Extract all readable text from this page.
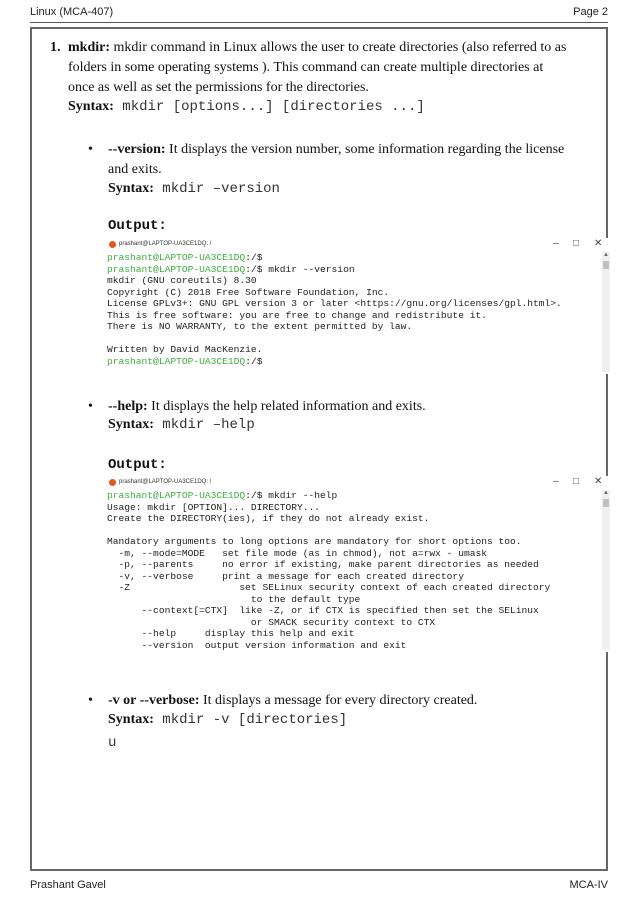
Linux (MCA-407)	Page 2
1. mkdir: mkdir command in Linux allows the user to create directories (also referred to as
folders in some operating systems ). This command can create multiple directories at
once as well as set the permissions for the directories.
Syntax: mkdir [options...] [directories ...]
• --version: It displays the version number, some information regarding the license
and exits.
Syntax: mkdir –version
Output:
prashant@LAPTOP-UA3CE1DQ: /	– □ ✕
prashant@LAPTOP-UA3CE1DQ:/$
prashant@LAPTOP-UA3CE1DQ:/$ mkdir --version
mkdir (GNU coreutils) 8.30
Copyright (C) 2018 Free Software Foundation, Inc.
License GPLv3+: GNU GPL version 3 or later <https://gnu.org/licenses/gpl.html>.
This is free software: you are free to change and redistribute it.
There is NO WARRANTY, to the extent permitted by law.
Written by David MacKenzie.
prashant@LAPTOP-UA3CE1DQ:/$
▲
• --help: It displays the help related information and exits.
Syntax: mkdir –help
Output:
prashant@LAPTOP-UA3CE1DQ: /	– □ ✕
prashant@LAPTOP-UA3CE1DQ:/$ mkdir --help
Usage: mkdir [OPTION]... DIRECTORY...
Create the DIRECTORY(ies), if they do not already exist.
Mandatory arguments to long options are mandatory for short options too.
-m, --mode=MODE   set file mode (as in chmod), not a=rwx - umask
-p, --parents     no error if existing, make parent directories as needed
-v, --verbose     print a message for each created directory
-Z                   set SELinux security context of each created directory
to the default type
--context[=CTX]  like -Z, or if CTX is specified then set the SELinux
or SMACK security context to CTX
--help     display this help and exit
--version  output version information and exit
▲
• -v or --verbose: It displays a message for every directory created.
Syntax: mkdir -v [directories]
u
Prashant Gavel	MCA-IV
